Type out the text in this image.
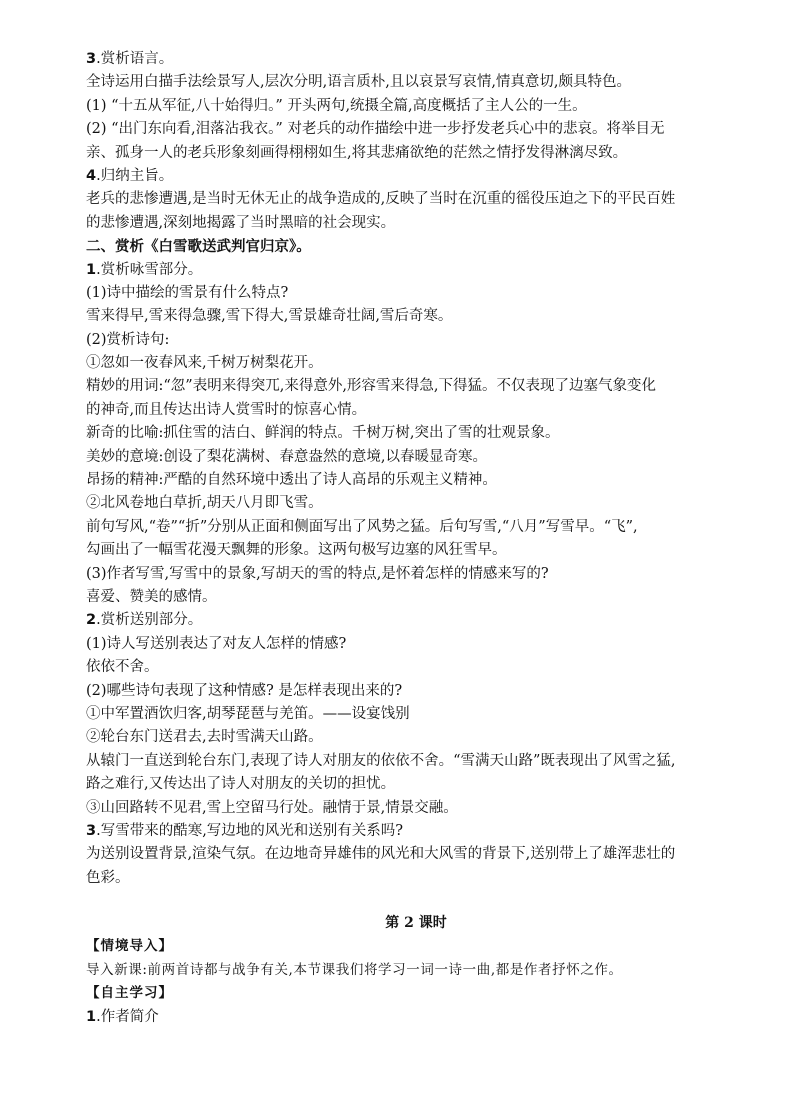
3.赏析语言。
全诗运用白描手法绘景写人,层次分明,语言质朴,且以哀景写哀情,情真意切,颇具特色。
(1) “十五从军征,八十始得归。” 开头两句,统摄全篇,高度概括了主人公的一生。
(2) “出门东向看,泪落沾我衣。” 对老兵的动作描绘中进一步抒发老兵心中的悲哀。将举目无
亲、孤身一人的老兵形象刻画得栩栩如生,将其悲痛欲绝的茫然之情抒发得淋漓尽致。
4.归纳主旨。
老兵的悲惨遭遇,是当时无休无止的战争造成的,反映了当时在沉重的徭役压迫之下的平民百姓
的悲惨遭遇,深刻地揭露了当时黑暗的社会现实。
二、赏析《白雪歌送武判官归京》。
1.赏析咏雪部分。
(1)诗中描绘的雪景有什么特点?
雪来得早,雪来得急骤,雪下得大,雪景雄奇壮阔,雪后奇寒。
(2)赏析诗句:
①忽如一夜春风来,千树万树梨花开。
精妙的用词:“忽”表明来得突兀,来得意外,形容雪来得急,下得猛。不仅表现了边塞气象变化
的神奇,而且传达出诗人赏雪时的惊喜心情。
新奇的比喻:抓住雪的洁白、鲜润的特点。千树万树,突出了雪的壮观景象。
美妙的意境:创设了梨花满树、春意盎然的意境,以春暖显奇寒。
昂扬的精神:严酷的自然环境中透出了诗人高昂的乐观主义精神。
②北风卷地白草折,胡天八月即飞雪。
前句写风,“卷”“折”分别从正面和侧面写出了风势之猛。后句写雪,“八月”写雪早。“飞”,
勾画出了一幅雪花漫天飘舞的形象。这两句极写边塞的风狂雪早。
(3)作者写雪,写雪中的景象,写胡天的雪的特点,是怀着怎样的情感来写的?
喜爱、赞美的感情。
2.赏析送别部分。
(1)诗人写送别表达了对友人怎样的情感?
依依不舍。
(2)哪些诗句表现了这种情感? 是怎样表现出来的?
①中军置酒饮归客,胡琴琵琶与羌笛。——设宴饯别
②轮台东门送君去,去时雪满天山路。
从辕门一直送到轮台东门,表现了诗人对朋友的依依不舍。“雪满天山路”既表现出了风雪之猛,
路之难行,又传达出了诗人对朋友的关切的担忧。
③山回路转不见君,雪上空留马行处。融情于景,情景交融。
3.写雪带来的酷寒,写边地的风光和送别有关系吗?
为送别设置背景,渲染气氛。在边地奇异雄伟的风光和大风雪的背景下,送别带上了雄浑悲壮的
色彩。
第 2 课时
【情境导入】
导入新课:前两首诗都与战争有关,本节课我们将学习一词一诗一曲,都是作者抒怀之作。
【自主学习】
1.作者简介
